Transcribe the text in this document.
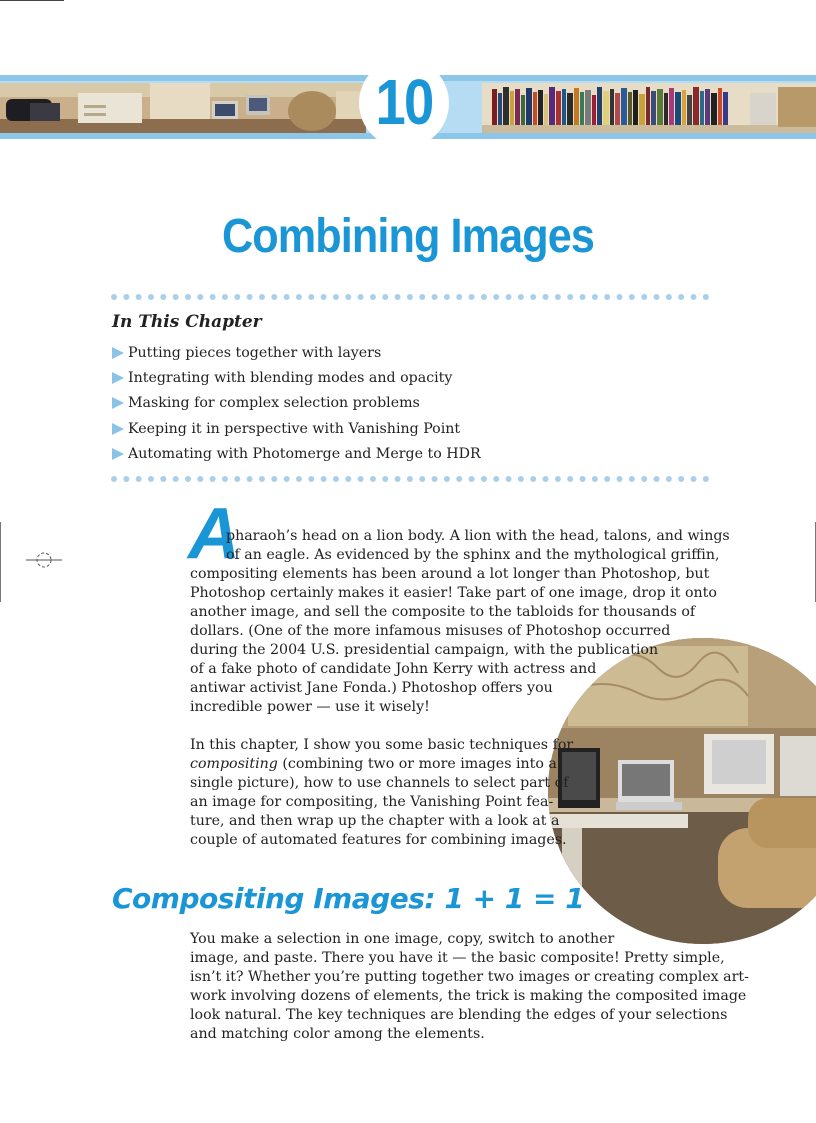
10
Combining Images
In This Chapter
Putting pieces together with layers
Integrating with blending modes and opacity
Masking for complex selection problems
Keeping it in perspective with Vanishing Point
Automating with Photomerge and Merge to HDR
A
pharaoh’s head on a lion body. A lion with the head, talons, and wings
of an eagle. As evidenced by the sphinx and the mythological griffin,
compositing elements has been around a lot longer than Photoshop, but
Photoshop certainly makes it easier! Take part of one image, drop it onto
another image, and sell the composite to the tabloids for thousands of
dollars. (One of the more infamous misuses of Photoshop occurred
during the 2004 U.S. presidential campaign, with the publication
of a fake photo of candidate John Kerry with actress and
antiwar activist Jane Fonda.) Photoshop offers you
incredible power — use it wisely!
In this chapter, I show you some basic techniques for
compositing (combining two or more images into a
single picture), how to use channels to select part of
an image for compositing, the Vanishing Point fea-
ture, and then wrap up the chapter with a look at a
couple of automated features for combining images.
Compositing Images: 1 + 1 = 1
You make a selection in one image, copy, switch to another
image, and paste. There you have it — the basic composite! Pretty simple,
isn’t it? Whether you’re putting together two images or creating complex art-
work involving dozens of elements, the trick is making the composited image
look natural. The key techniques are blending the edges of your selections
and matching color among the elements.
